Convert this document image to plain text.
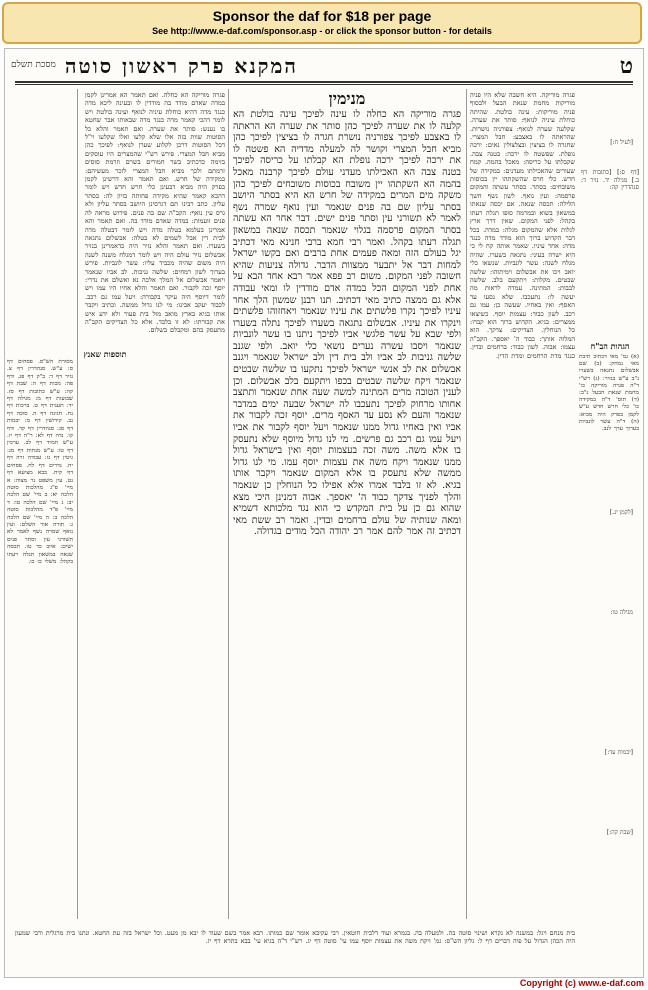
Sponsor the daf for $18 per page
See http://www.e-daf.com/sponsor.asp - or click the sponsor button - for details
ט
המקנא פרק ראשון סוטה
מסכת תשלם
פגרה מוריקה. היא חשבה שלא היו פניה מוריקות מחמת שנאת הבעל ולבסוף פניה מוריקות: עינה בולטת. שהיתה כוחלת עיניה לנואף: סותר את שערה. שקלעה שערה לנואף: צפורניה נושרות. שהראתה לו באצבע: חבל המצרי. שחגרה לו בציצין ובצלצולין נאים: ירכה נופלת. שפשטה לו ירכה: בטנה צבה. שקבלתו על כריסה: מאכל בהמה. קמח שעורים שהאכילתו מעדנים: במקידה של חרש. כלי חרס שהשקתהו יין בכוסות משובחים: בסתר. בסתר עשתה והמקום פרסמה: ועין נואף. לשון נשף חשך הלילה: תכסה שנאה. אם יכסה שנאתו במשאון בשוא ובמרמה סופו תגלה רעתו בקהל: לפני המקום. שאין דרך ארץ לגלות אלא שהמקום מגלה: במדה. בכל דבר הקדוש ברוך הוא מודד מדה כנגד מדה: אחר עיניו. שאמר אותה קח לי כי היא ישרה בעיני: נתגאה בשערו. שהיה מגלח לשנה: עשר לונביות. שנשאו כלי יואב ויכו את אבשלום וימיתוהו: שלשה שבטים. מקלות: ויתקעם בלב. שלשה לבבות: המתינה. עמדה לראות מה יעשה לו: נתעכבו. שלא נסעו עד האסף: ואין באחיו. שעשה כן: עמו גם רכב. לשון כבוד: עצמות יוסף. כשיצאו ממצרים: בגיא. הקדוש ברוך הוא קברו: כל הנוחלין. הצדיקים: צדקך. הוא המלוה אותך: כבוד ה' יאספך. הקב"ה עצמו: אבוה. לשון כבוד: ברחמים ובדין. כנגד מדת הרחמים ומדת הדין.
מנימין
פגרה מוריקה הא כחלה לו עינה לפיכך עינה בולטת הא קלעה לו את שערה לפיכך כהן סותר את שערה הא הראתה לו באצבע לפיכך צפורניה נושרת חגרה לו בציצין לפיכך כהן מביא חבל המצרי וקושר לה למעלה מדדיה הא פשטה לו את ירכה לפיכך ירכה נופלת הא קבלתו על כריסה לפיכך בטנה צבה הא האכילתו מעדני עולם לפיכך קרבנה מאכל בהמה הא השקתהו יין משובח בכוסות משובחים לפיכך כהן משקה מים המרים במקידה של חרש הא היא בסתר היושב בסתר עליון שם בה פנים שנאמר ועין נואף שמרה נשף לאמר לא תשורני עין וסתר פנים ישים. דבר אחר הא עשתה בסתר המקום פרסמה בגלוי שנאמר תכסה שנאה במשאון תגלה רעתו בקהל. ואמר רבי חמא ברבי חנינא מאי דכתיב יגל בעולם הזה ומאה פעמים אחת ברבים ואם בקשו ישראל למחות דבר אל יתבער ממצוות הדבר. גדולה צניעות שהיא חשובה לפני המקום. משום רב פפא אמר רבא אחד הבא על אחת לפני המקום הכל במדה אדם מודדין לו ומאי עבודה אלא גם ממצה כתיב מאי דכתיב. תנו רבנן שמשון הלך אחר עיניו לפיכך נקרו פלשתים את עיניו שנאמר ויאחזוהו פלשתים וינקרו את עיניו. אבשלום נתגאה בשערו לפיכך נתלה בשערו ולפי שבא על עשר פלגשי אביו לפיכך ניתנו בו עשר לונביות שנאמר ויסבו עשרה נערים נושאי כלי יואב. ולפי שגנב שלשה גניבות לב אביו ולב בית דין ולב ישראל שנאמר ויגנב אבשלום את לב אנשי ישראל לפיכך נתקעו בו שלשה שבטים שנאמר ויקח שלשה שבטים בכפו ויתקעם בלב אבשלום. וכן לענין הטובה מרים המתינה למשה שעה אחת שנאמר ותתצב אחותו מרחוק לפיכך נתעכבו לה ישראל שבעה ימים במדבר שנאמר והעם לא נסע עד האסף מרים. יוסף זכה לקבור את אביו ואין באחיו גדול ממנו שנאמר ויעל יוסף לקבור את אביו ויעל עמו גם רכב גם פרשים. מי לנו גדול מיוסף שלא נתעסק בו אלא משה. משה זכה בעצמות יוסף ואין בישראל גדול ממנו שנאמר ויקח משה את עצמות יוסף עמו. מי לנו גדול ממשה שלא נתעסק בו אלא המקום שנאמר ויקבר אותו בגיא. לא זו בלבד אמרו אלא אפילו כל הנוחלין כן שנאמר והלך לפניך צדקך כבוד ה' יאספך. אבוה דמנינן היכי מצא שהוא גם כן על בית המקדש כי הוא נגד מלכותא דשמיא ומאה שנותיה של עולם ברחמים ובדין. ואמר רב ששת מאי דכתיב זה אמר להם אמר רב יהודה הכל מודים בגדולה.
תוספות שאנץ
פגרה מוריקה הא כחלה. ואם תאמר הא אמרינן לקמן במדה שאדם מודד בה מודדין לו ובעינה ליכא מדה כנגד מדה דהיא כוחלת עיניה לנואף ועינה בולטת ויש לומר דהכי קאמר מדה כנגד מדה שבאותו אבר שחטא בו נענש: סותר את שערה. ואם תאמר והלא כל הסוטות שוות בזה אלו שלא קלעו ואלו שקלעו וי"ל דכל הסוטות דרכן לקלוע שערן לנואף: לפיכך כהן מביא חבל המצרי. פירש רש"י שהמצרים היו עוסקים בזימה כדכתיב בשר חמורים בשרם וזרמת סוסים זרמתם ולכך מביא חבל המצרי לזכר מעשיהם: במקידה של חרש. ואם תאמר והא דרשינן לקמן בפרק היה מביא דבעינן כלי חרש חדש ויש לומר דהכא קאמר שהיא מקידה פחותה בזיון לה: בסתר עליון. כתב רבינו תם דגרסינן היושב בסתר עליון ולא גרס עין נואף: הקב"ה שם בה פנים. פירוש מראה לה פנים זועמות: במדה שאדם מודד בה. ואם תאמר והא אמרינן בעלמא בטלה מדה ויש לומר דבטלה מדה לבית דין אבל לשמים לא בטלה: אבשלום נתגאה בשערו. ואם תאמר והלא נזיר היה כדאמרינן בנזיר אבשלום נזיר עולם היה ויש לומר דמגלח משנה לשנה היה משום שהיה מכביד עליו: עשר לונביות. פירש בערוך לשון רמחים: שלשה גניבות. לב אביו שנאמר ויאמר אבשלום אל המלך אלכה נא ואשלם את נדרי: יוסף זכה לקבור. ואם תאמר והלא אחיו היו עמו ויש לומר דיוסף היה עיקר בקבורה: ויעל עמו גם רכב. לכבוד יעקב אבינו: מי לנו גדול ממשה. וכתיב ויקבר אותו בגיא בארץ מואב מול בית פעור ולא ידע איש את קבורתו: לא זו בלבד. אלא כל הצדיקים הקב"ה מתעסק בהם ומקבלם בשלום.
הגהות הב"ח
(א) גמ' מאי דכתיב תיבת מאי נמחק: (ב) שם אבשלום נתגאה בשערו נ"ב ע"ש בנזיר: (ג) רש"י ד"ה פגרה מוריקה כו' מחמת שנאת הבעל נ"ב: (ד) תוס' ד"ה במקידה כו' כלי חרש חדש ע"ש לקמן בפרק היה מביא: (ה) ד"ה עשר לונביות בערוך ערך לנב.
מסורת הש"ס. פסחים דף ס: ע"ש. סנהדרין דף צ. נזיר דף ד: ב"ק דף פג. ודף פה: מכות דף ה: שבת דף קה: ע"ש כתובות דף סז. שבועות דף מ: מגילה דף יד: תענית דף ט. ברכות דף נח. חגיגה דף ה. סוכה דף נב. קידושין דף מ: יבמות דף סג: סנהדרין דף קד. ודף קו. נדה דף לא: ר"ה דף יז. ע"ש תמיד דף לב. ערכין דף טו: ע"ש מנחות דף מג: גיטין דף נז: עבודה זרה דף יח. נדרים דף לח. פסחים דף קיח. בבא מציעא דף נט. עין משפט נר מצוה: א מיי' פ"ג מהלכות סוטה הלכה יא: ב מיי' שם הלכה יב: ג מיי' שם הלכה טו: ד מיי' פ"ד מהלכות סוטה הלכה ב: ה מיי' שם הלכה ג: תורה אור השלם: ועין נואף שמרה נשף לאמר לא תשורני עין וסתר פנים ישים: איוב כד טו. תכסה שנאה במשאון תגלה רעתו בקהל: משלי כו כו.
[דף ס:] [כתובות דף ב.] מגילה יד. נזיר ד: סנהדרין קה:
[לעיל ח:]
[לקמן יג.]
[יבמות עד:]
מגילה טו:
[שבת קה:]
בית מנחם ויגל: במשנה לא נקרא ושינוי סוטה בה. ולמעלה בה. בגמרא ועוד דלבית חוטאין. רבי עקיבא אומר שם כמותו. רבא אמר בשם שעוד לו יבא מן מעט. וכל ישראל בזה עת החטא. ונתנו בית מרגלית ורבי שמעון היה הכהן הגדול על פיה דברים דף ל: גליון הש"ס: גמ' ויקח משה את עצמות יוסף עמו עי' סוטה דף יג. רש"י ד"ה בגיא עי' בבא בתרא דף יז.
Copyright (c) www.e-daf.com
